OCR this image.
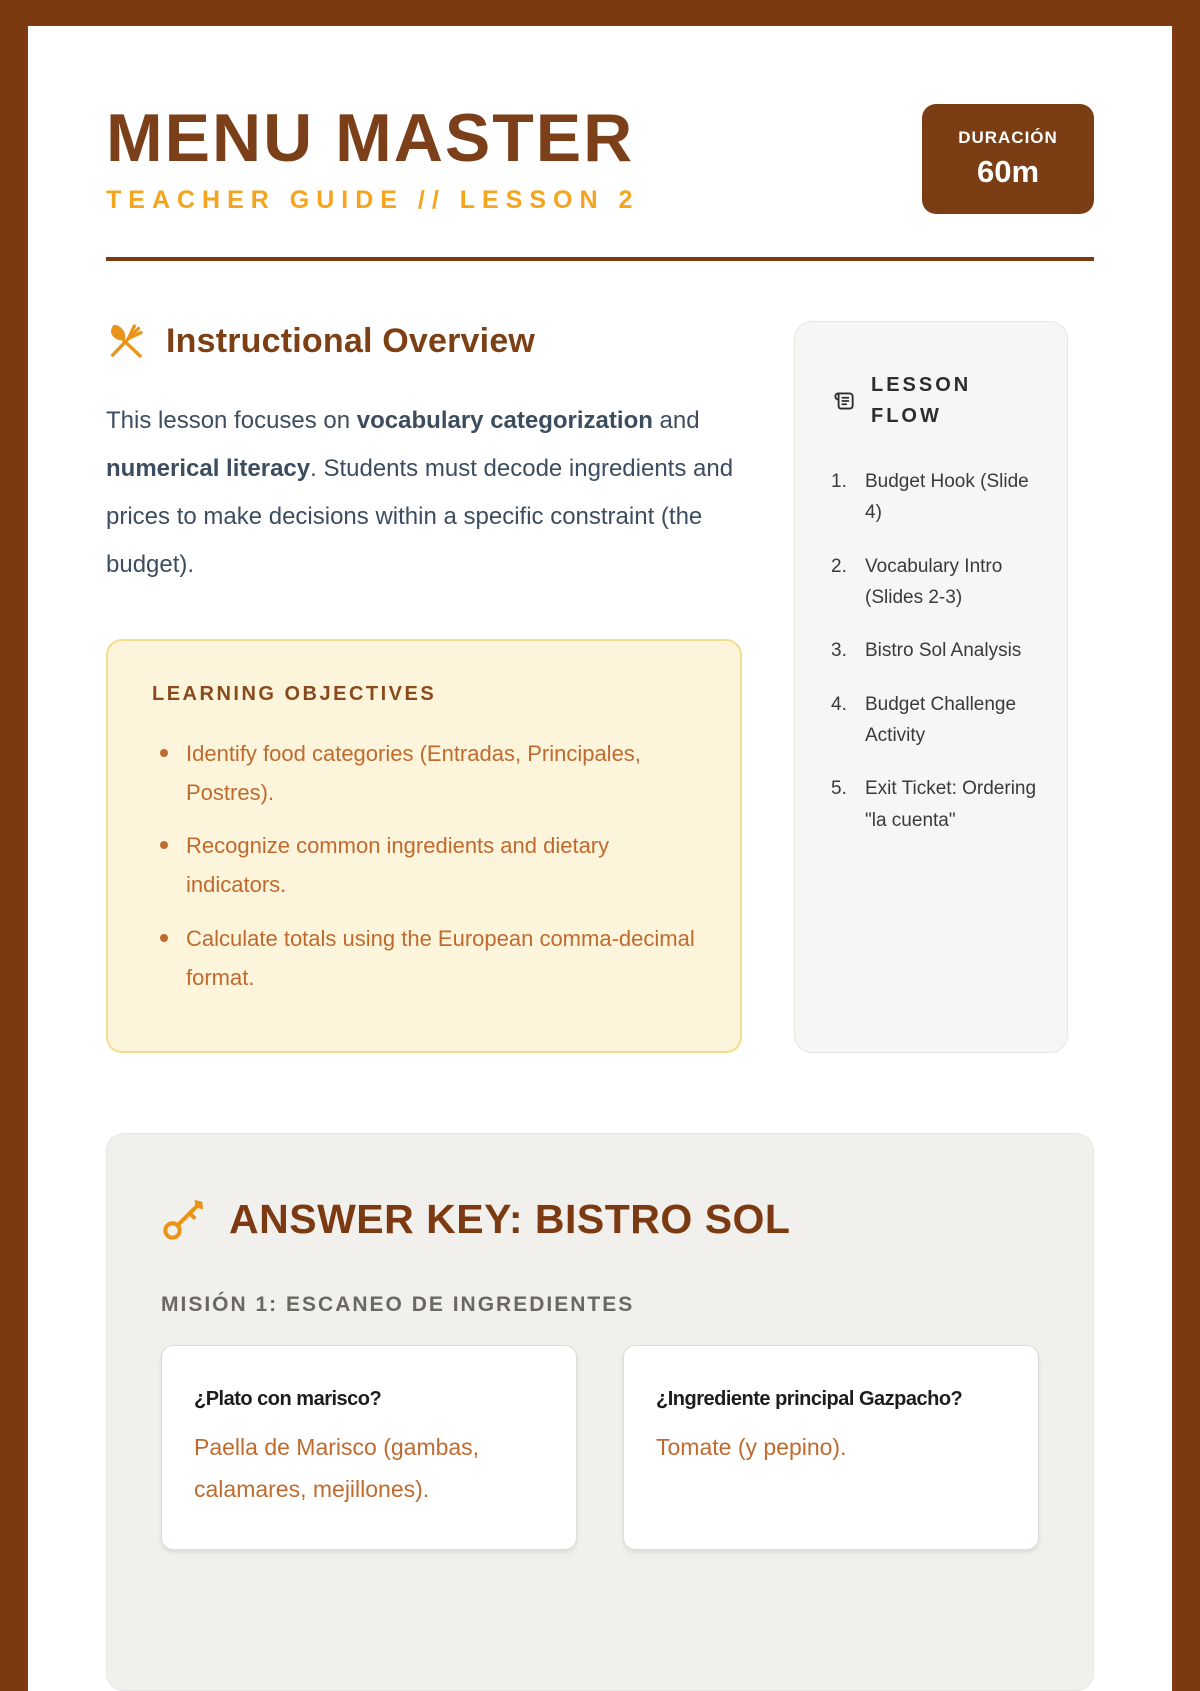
MENU MASTER
TEACHER GUIDE // LESSON 2
DURACIÓN
60m
Instructional Overview

This lesson focuses on vocabulary categorization and numerical literacy. Students must decode ingredients and prices to make decisions within a specific constraint (the budget).

LEARNING OBJECTIVES
Identify food categories (Entradas, Principales, Postres).
Recognize common ingredients and dietary indicators.
Calculate totals using the European comma-decimal format.
LESSON FLOW
Budget Hook (Slide 4)
Vocabulary Intro (Slides 2-3)
Bistro Sol Analysis
Budget Challenge Activity
Exit Ticket: Ordering "la cuenta"
ANSWER KEY: BISTRO SOL
MISIÓN 1: ESCANEO DE INGREDIENTES
¿Plato con marisco?
Paella de Marisco (gambas, calamares, mejillones).
¿Ingrediente principal Gazpacho?
Tomate (y pepino).
